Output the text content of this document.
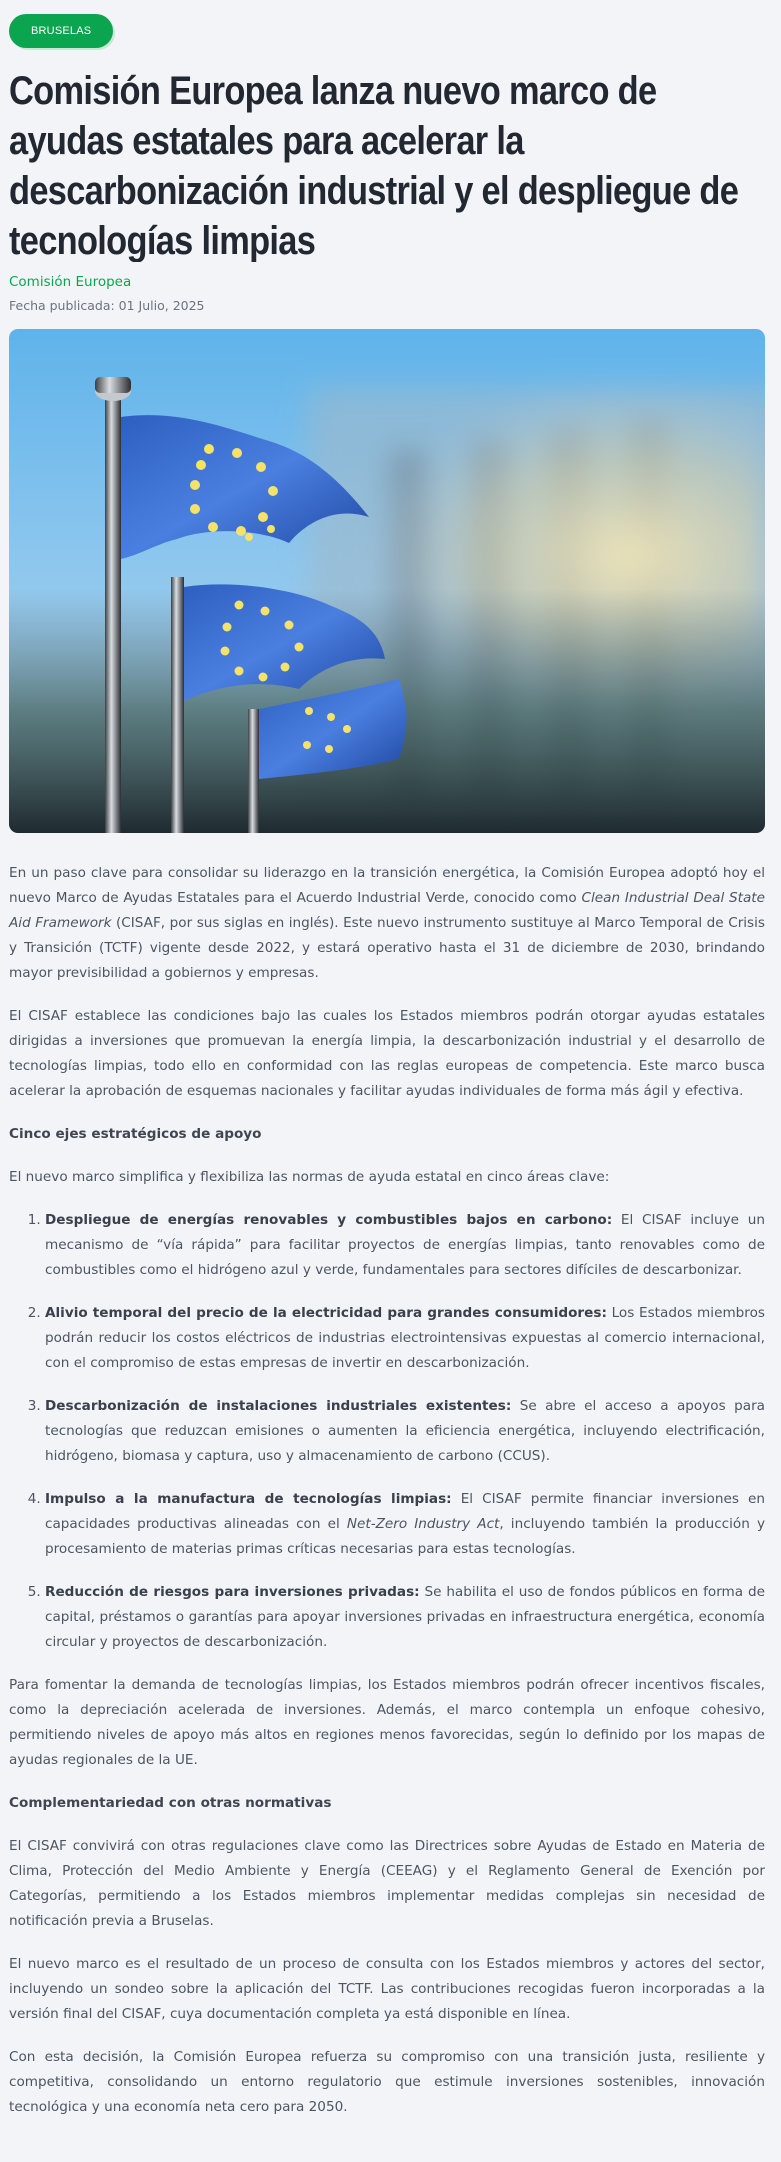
BRUSELAS
Comisión Europea lanza nuevo marco de ayudas estatales para acelerar la descarbonización industrial y el despliegue de tecnologías limpias
Comisión Europea
Fecha publicada: 01 Julio, 2025

En un paso clave para consolidar su liderazgo en la transición energética, la Comisión Europea adoptó hoy el nuevo Marco de Ayudas Estatales para el Acuerdo Industrial Verde, conocido como Clean Industrial Deal State Aid Framework (CISAF, por sus siglas en inglés). Este nuevo instrumento sustituye al Marco Temporal de Crisis y Transición (TCTF) vigente desde 2022, y estará operativo hasta el 31 de diciembre de 2030, brindando mayor previsibilidad a gobiernos y empresas.

El CISAF establece las condiciones bajo las cuales los Estados miembros podrán otorgar ayudas estatales dirigidas a inversiones que promuevan la energía limpia, la descarbonización industrial y el desarrollo de tecnologías limpias, todo ello en conformidad con las reglas europeas de competencia. Este marco busca acelerar la aprobación de esquemas nacionales y facilitar ayudas individuales de forma más ágil y efectiva.

Cinco ejes estratégicos de apoyo

El nuevo marco simplifica y flexibiliza las normas de ayuda estatal en cinco áreas clave:

1. Despliegue de energías renovables y combustibles bajos en carbono: El CISAF incluye un mecanismo de “vía rápida” para facilitar proyectos de energías limpias, tanto renovables como de combustibles como el hidrógeno azul y verde, fundamentales para sectores difíciles de descarbonizar.
2. Alivio temporal del precio de la electricidad para grandes consumidores: Los Estados miembros podrán reducir los costos eléctricos de industrias electrointensivas expuestas al comercio internacional, con el compromiso de estas empresas de invertir en descarbonización.
3. Descarbonización de instalaciones industriales existentes: Se abre el acceso a apoyos para tecnologías que reduzcan emisiones o aumenten la eficiencia energética, incluyendo electrificación, hidrógeno, biomasa y captura, uso y almacenamiento de carbono (CCUS).
4. Impulso a la manufactura de tecnologías limpias: El CISAF permite financiar inversiones en capacidades productivas alineadas con el Net-Zero Industry Act, incluyendo también la producción y procesamiento de materias primas críticas necesarias para estas tecnologías.
5. Reducción de riesgos para inversiones privadas: Se habilita el uso de fondos públicos en forma de capital, préstamos o garantías para apoyar inversiones privadas en infraestructura energética, economía circular y proyectos de descarbonización.

Para fomentar la demanda de tecnologías limpias, los Estados miembros podrán ofrecer incentivos fiscales, como la depreciación acelerada de inversiones. Además, el marco contempla un enfoque cohesivo, permitiendo niveles de apoyo más altos en regiones menos favorecidas, según lo definido por los mapas de ayudas regionales de la UE.

Complementariedad con otras normativas

El CISAF convivirá con otras regulaciones clave como las Directrices sobre Ayudas de Estado en Materia de Clima, Protección del Medio Ambiente y Energía (CEEAG) y el Reglamento General de Exención por Categorías, permitiendo a los Estados miembros implementar medidas complejas sin necesidad de notificación previa a Bruselas.

El nuevo marco es el resultado de un proceso de consulta con los Estados miembros y actores del sector, incluyendo un sondeo sobre la aplicación del TCTF. Las contribuciones recogidas fueron incorporadas a la versión final del CISAF, cuya documentación completa ya está disponible en línea.

Con esta decisión, la Comisión Europea refuerza su compromiso con una transición justa, resiliente y competitiva, consolidando un entorno regulatorio que estimule inversiones sostenibles, innovación tecnológica y una economía neta cero para 2050.
